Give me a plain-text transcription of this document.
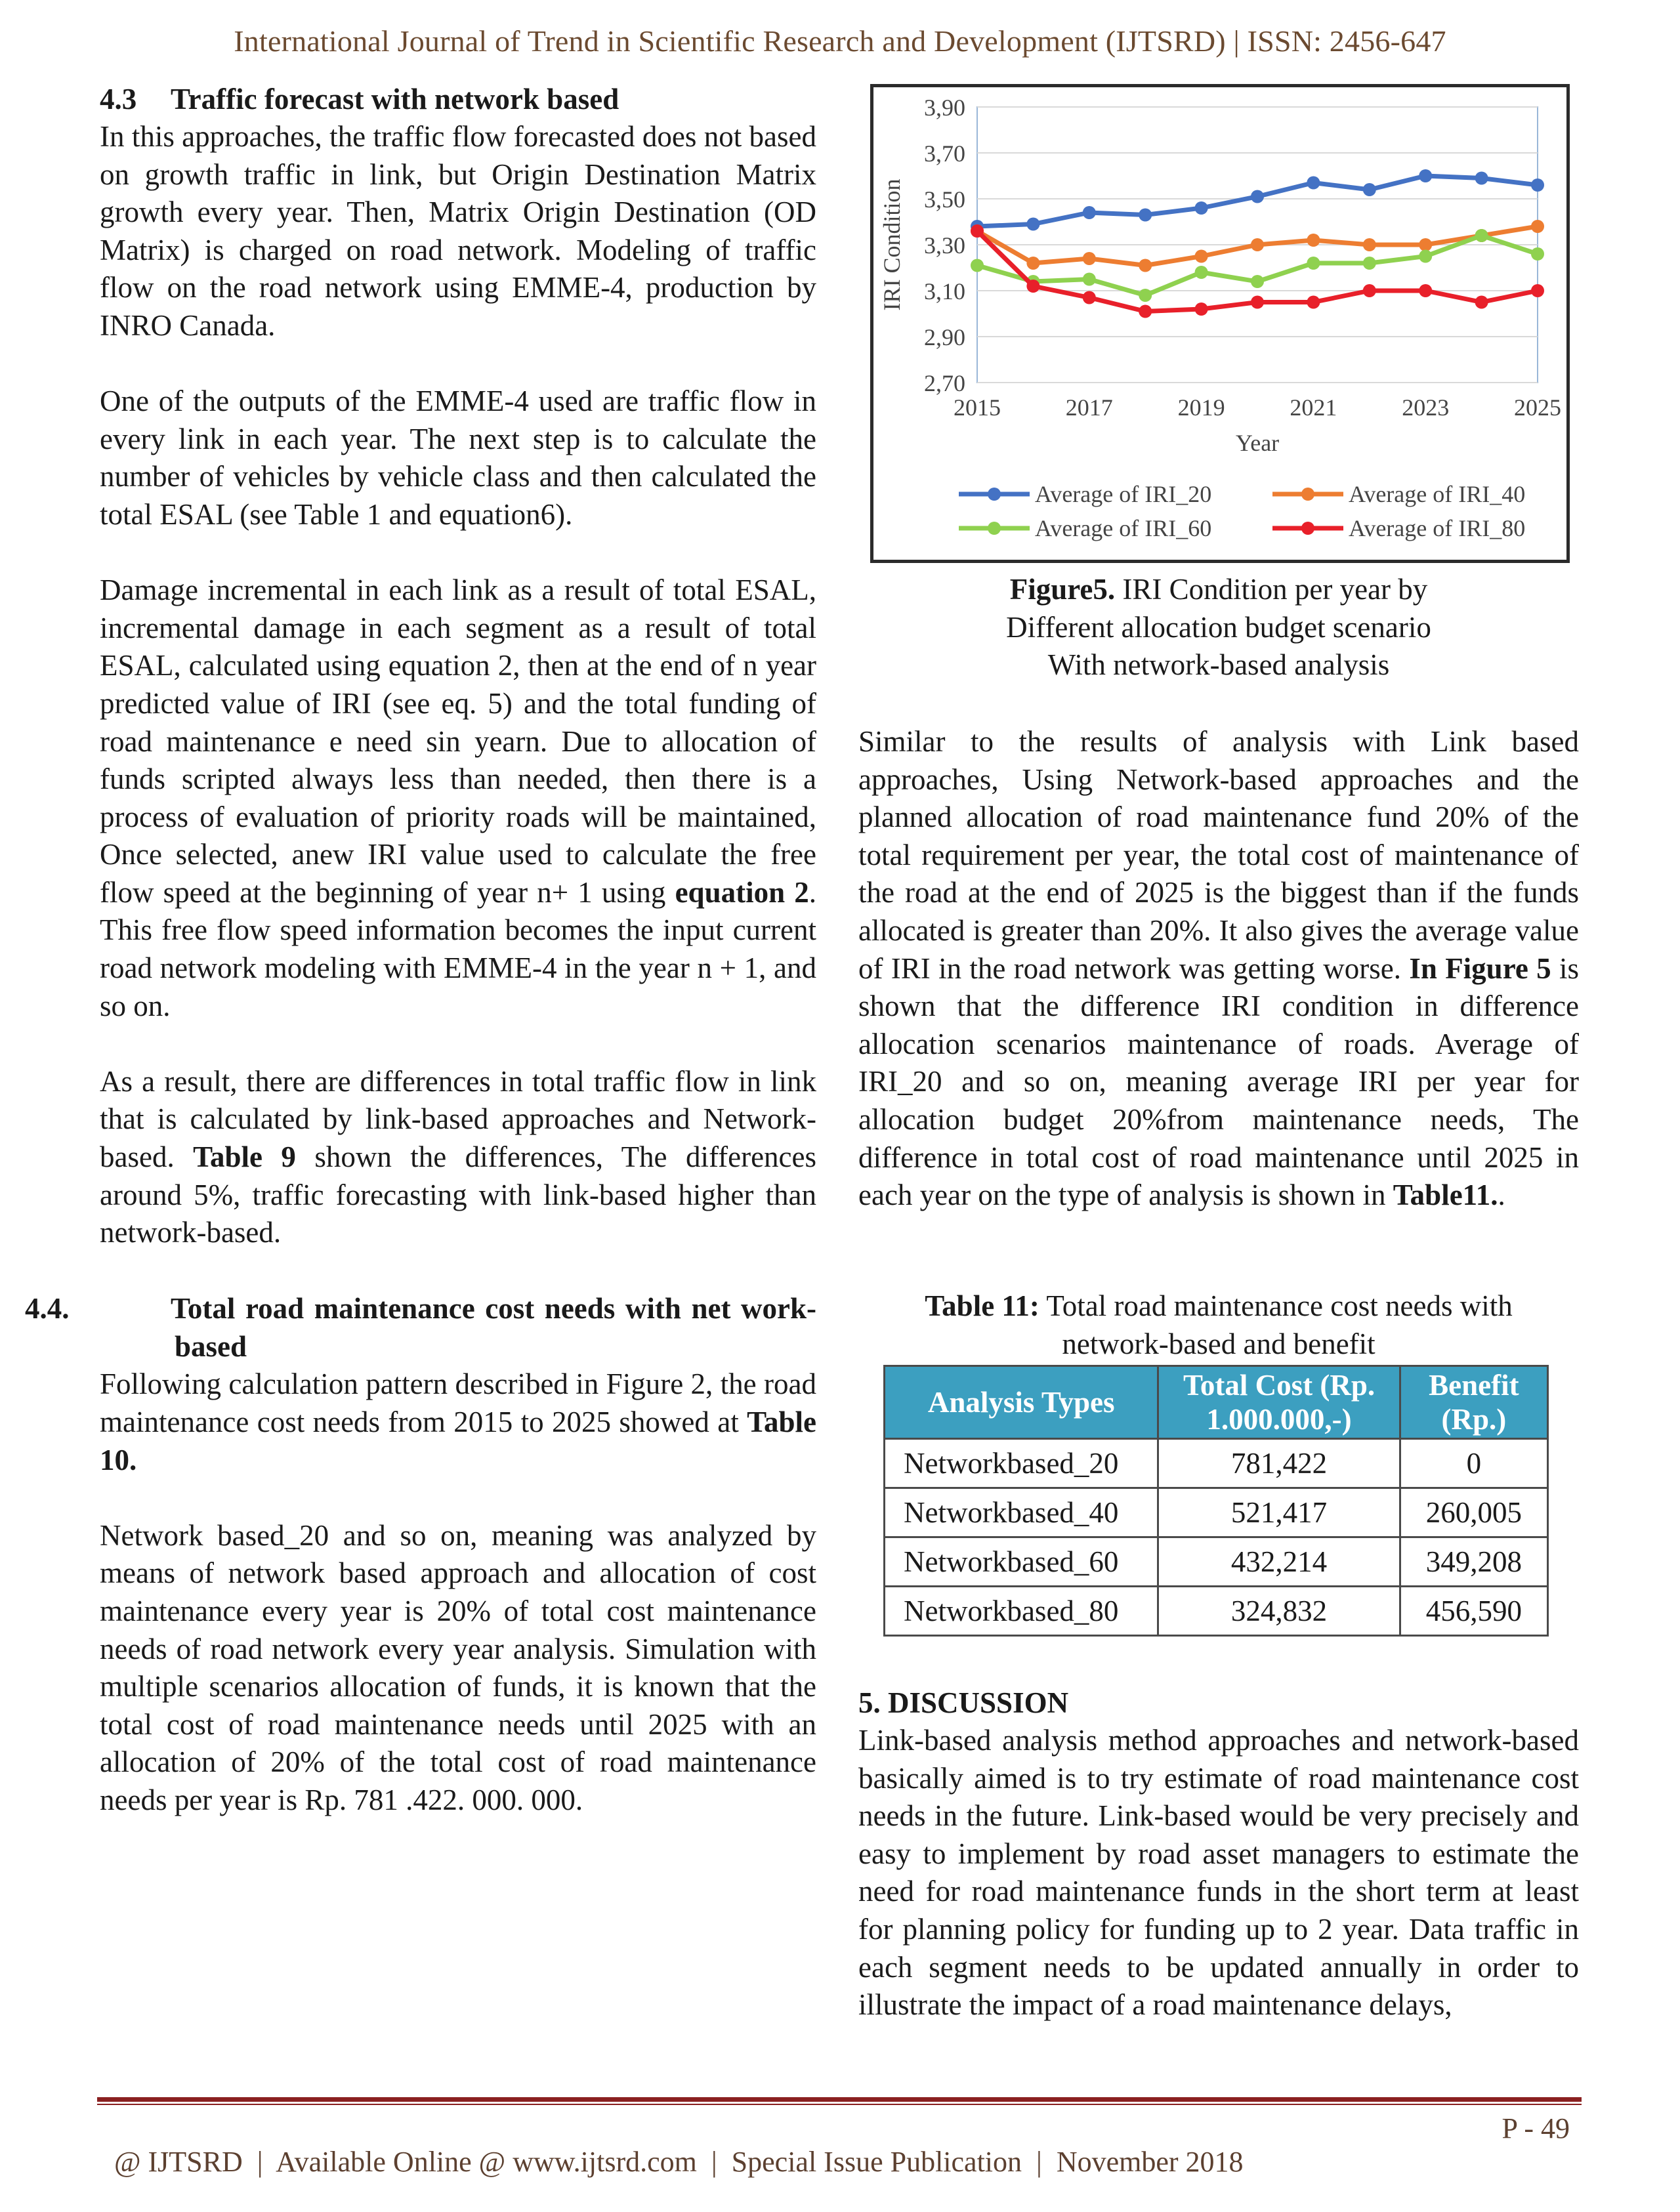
International Journal of Trend in Scientific Research and Development (IJTSRD) | ISSN: 2456-647

4.3 Traffic forecast with network based

In this approaches, the traffic flow forecasted does not based on growth traffic in link, but Origin Destination Matrix growth every year. Then, Matrix Origin Destination (OD Matrix) is charged on road network. Modeling of traffic flow on the road network using EMME-4, production by INRO Canada.

One of the outputs of the EMME-4 used are traffic flow in every link in each year. The next step is to calculate the number of vehicles by vehicle class and then calculated the total ESAL (see Table 1 and equation6).

Damage incremental in each link as a result of total ESAL, incremental damage in each segment as a result of total ESAL, calculated using equation 2, then at the end of n year predicted value of IRI (see eq. 5) and the total funding of road maintenance e need sin yearn. Due to allocation of funds scripted always less than needed, then there is a process of evaluation of priority roads will be maintained, Once selected, anew IRI value used to calculate the free flow speed at the beginning of year n+ 1 using equation 2. This free flow speed information becomes the input current road network modeling with EMME-4 in the year n + 1, and so on.

As a result, there are differences in total traffic flow in link that is calculated by link-based approaches and Network-based. Table 9 shown the differences, The differences around 5%, traffic forecasting with link-based higher than network-based.

4.4.	Total road maintenance cost needs with net work- based

Following calculation pattern described in Figure 2, the road maintenance cost needs from 2015 to 2025 showed at Table 10.

Network based_20 and so on, meaning was analyzed by means of network based approach and allocation of cost maintenance every year is 20% of total cost maintenance needs of road network every year analysis. Simulation with multiple scenarios allocation of funds, it is known that the total cost of road maintenance needs until 2025 with an allocation of 20% of the total cost of road maintenance needs per year is Rp. 781 .422. 000. 000.

2,70
2,90
3,10
3,30
3,50
3,70
3,90
2015	2017	2019	2021	2023	2025
Year
IRI Condition
Average of IRI_20	Average of IRI_40
Average of IRI_60	Average of IRI_80
Figure5. IRI Condition per year by
Different allocation budget scenario
With network-based analysis

Similar to the results of analysis with Link based approaches, Using Network-based approaches and the planned allocation of road maintenance fund 20% of the total requirement per year, the total cost of maintenance of the road at the end of 2025 is the biggest than if the funds allocated is greater than 20%. It also gives the average value of IRI in the road network was getting worse. In Figure 5 is shown that the difference IRI condition in difference allocation scenarios maintenance of roads. Average of IRI_20 and so on, meaning average IRI per year for allocation budget 20%from maintenance needs, The difference in total cost of road maintenance until 2025 in each year on the type of analysis is shown in Table11..

Table 11: Total road maintenance cost needs with
network-based and benefit
Analysis Types	Total Cost (Rp. 1.000.000,-)	Benefit (Rp.)
Networkbased_20	781,422	0
Networkbased_40	521,417	260,005
Networkbased_60	432,214	349,208
Networkbased_80	324,832	456,590

5. DISCUSSION

Link-based analysis method approaches and network-based basically aimed is to try estimate of road maintenance cost needs in the future. Link-based would be very precisely and easy to implement by road asset managers to estimate the need for road maintenance funds in the short term at least for planning policy for funding up to 2 year. Data traffic in each segment needs to be updated annually in order to illustrate the impact of a road maintenance delays,

@ IJTSRD  |  Available Online @ www.ijtsrd.com  |  Special Issue Publication  |  November 2018

P - 49
